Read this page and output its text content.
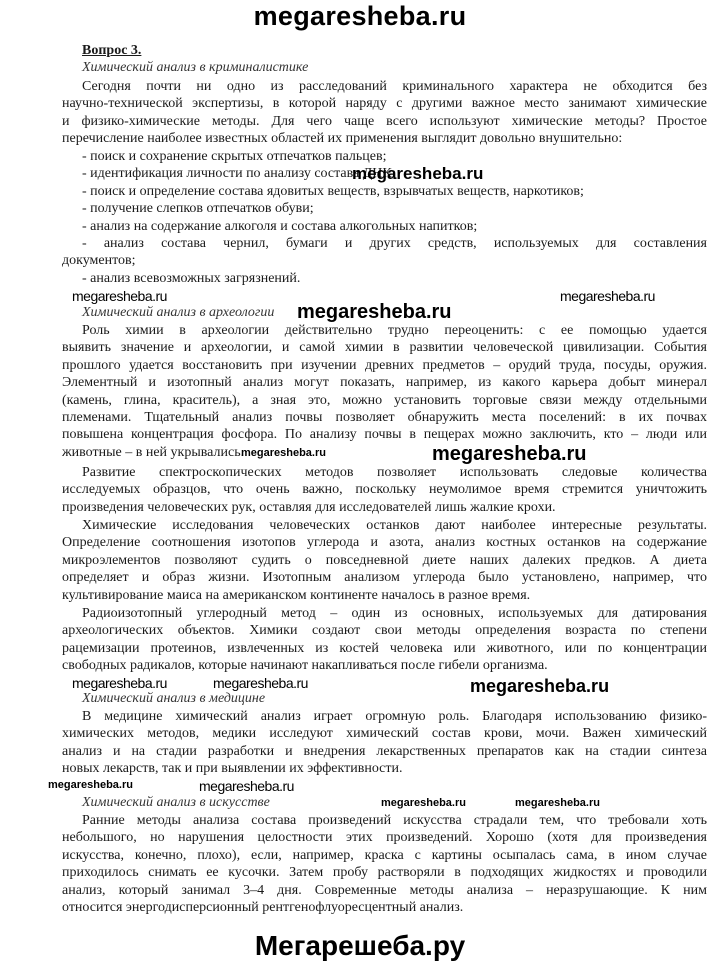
megaresheba.ru
Вопрос 3.
Химический анализ в криминалистике
Сегодня почти ни одно из расследований криминального характера не обходится без
научно-технической экспертизы, в которой наряду с другими важное место занимают химические
и физико-химические методы. Для чего чаще всего используют химические методы? Простое
перечисление наиболее известных областей их применения выглядит довольно внушительно:
- поиск и сохранение скрытых отпечатков пальцев;
- идентификация личности по анализу состава ДНК;
- поиск и определение состава ядовитых веществ, взрывчатых веществ, наркотиков;
- получение слепков отпечатков обуви;
- анализ на содержание алкоголя и состава алкогольных напитков;
- анализ состава чернил, бумаги и других средств, используемых для составления
документов;
- анализ всевозможных загрязнений.
Химический анализ в археологии
Роль химии в археологии действительно трудно переоценить: с ее помощью удается
выявить значение и археологии, и самой химии в развитии человеческой цивилизации. События
прошлого удается восстановить при изучении древних предметов – орудий труда, посуды, оружия.
Элементный и изотопный анализ могут показать, например, из какого карьера добыт минерал
(камень, глина, краситель), а зная это, можно установить торговые связи между отдельными
племенами. Тщательный анализ почвы позволяет обнаружить места поселений: в их почвах
повышена концентрация фосфора. По анализу почвы в пещерах можно заключить, кто – люди или
животные – в ней укрывались.
Развитие спектроскопических методов позволяет использовать следовые количества
исследуемых образцов, что очень важно, поскольку неумолимое время стремится уничтожить
произведения человеческих рук, оставляя для исследователей лишь жалкие крохи.
Химические исследования человеческих останков дают наиболее интересные результаты.
Определение соотношения изотопов углерода и азота, анализ костных останков на содержание
микроэлементов позволяют судить о повседневной диете наших далеких предков. А диета
определяет и образ жизни. Изотопным анализом углерода было установлено, например, что
культивирование маиса на американском континенте началось в разное время.
Радиоизотопный углеродный метод – один из основных, используемых для датирования
археологических объектов. Химики создают свои методы определения возраста по степени
рацемизации протеинов, извлеченных из костей человека или животного, или по концентрации
свободных радикалов, которые начинают накапливаться после гибели организма.
Химический анализ в медицине
В медицине химический анализ играет огромную роль. Благодаря использованию физико-
химических методов, медики исследуют химический состав крови, мочи. Важен химический
анализ и на стадии разработки и внедрения лекарственных препаратов как на стадии синтеза
новых лекарств, так и при выявлении их эффективности.
Химический анализ в искусстве
Ранние методы анализа состава произведений искусства страдали тем, что требовали хоть
небольшого, но нарушения целостности этих произведений. Хорошо (хотя для произведения
искусства, конечно, плохо), если, например, краска с картины осыпалась сама, в ином случае
приходилось снимать ее кусочки. Затем пробу растворяли в подходящих жидкостях и проводили
анализ, который занимал 3–4 дня. Современные методы анализа – неразрушающие. К ним
относится энергодисперсионный рентгенофлуоресцентный анализ.
megaresheba.ru
megaresheba.ru
megaresheba.ru
megaresheba.ru
megaresheba.ru	megaresheba.ru
megaresheba.ru	megaresheba.ru	megaresheba.ru
megaresheba.ru	megaresheba.ru
megaresheba.ru	megaresheba.ru
Мегарешеба.ру
